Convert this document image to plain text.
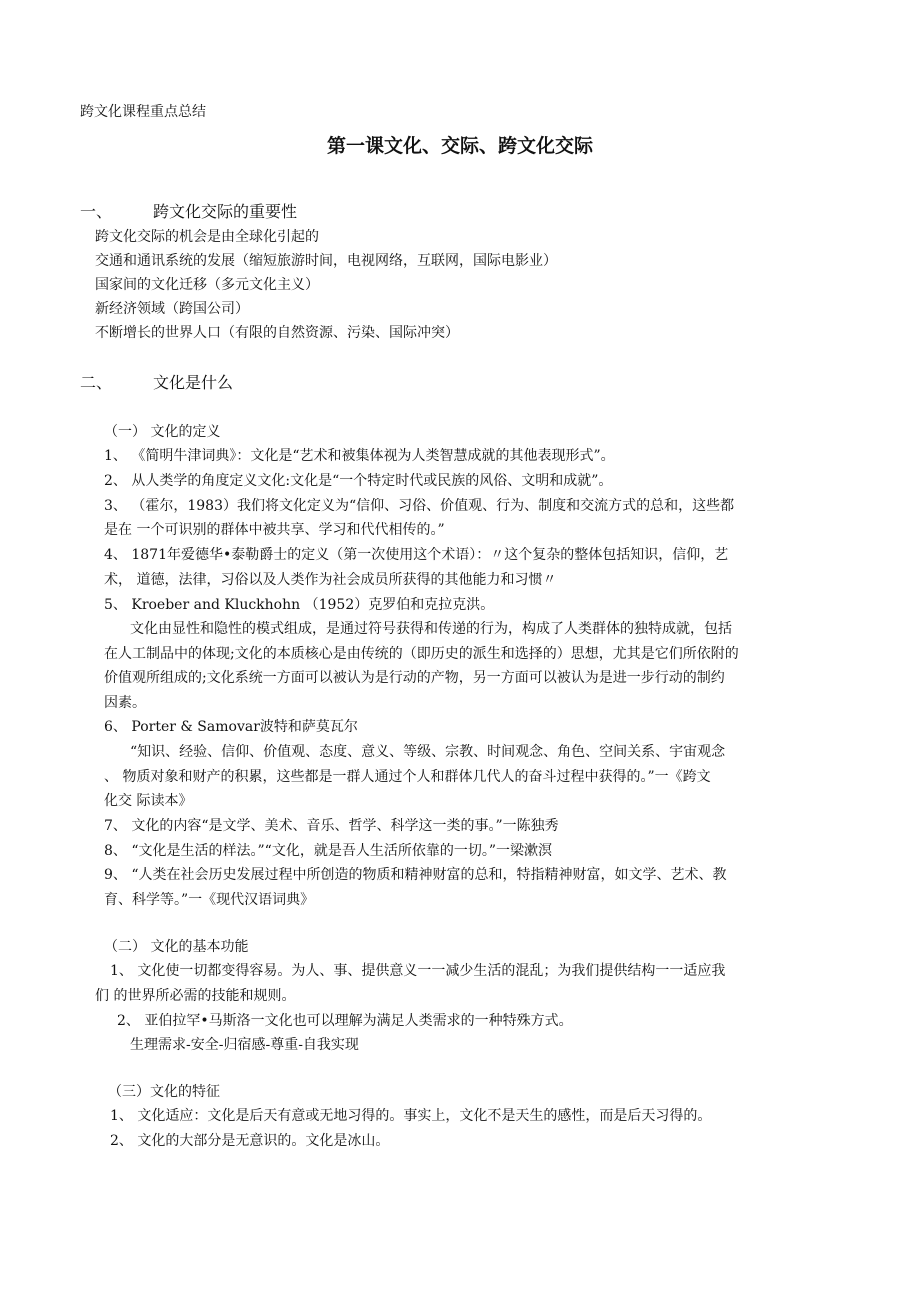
跨文化课程重点总结
第一课文化、交际、跨文化交际
一、	跨文化交际的重要性
跨文化交际的机会是由全球化引起的
交通和通讯系统的发展（缩短旅游时间，电视网络，互联网，国际电影业）
国家间的文化迁移（多元文化主义）
新经济领域（跨国公司）
不断增长的世界人口（有限的自然资源、污染、国际冲突）
二、	文化是什么
（一） 文化的定义
1、 《简明牛津词典》：文化是“艺术和被集体视为人类智慧成就的其他表现形式”。
2、 从人类学的角度定义文化:文化是“一个特定时代或民族的风俗、文明和成就”。
3、 （霍尔，1983）我们将文化定义为“信仰、习俗、价值观、行为、制度和交流方式的总和，这些都
是在 一个可识别的群体中被共享、学习和代代相传的。”
4、 1871年爱德华•泰勒爵士的定义（第一次使用这个术语）：〃这个复杂的整体包括知识，信仰，艺
术， 道德，法律，习俗以及人类作为社会成员所获得的其他能力和习惯〃
5、 Kroeber and Kluckhohn （1952）克罗伯和克拉克洪。
文化由显性和隐性的模式组成，是通过符号获得和传递的行为，构成了人类群体的独特成就，包括
在人工制品中的体现;文化的本质核心是由传统的（即历史的派生和选择的）思想，尤其是它们所依附的
价值观所组成的;文化系统一方面可以被认为是行动的产物，另一方面可以被认为是进一步行动的制约
因素。
6、 Porter & Samovar波特和萨莫瓦尔
“知识、经验、信仰、价值观、态度、意义、等级、宗教、时间观念、角色、空间关系、宇宙观念
、 物质对象和财产的积累，这些都是一群人通过个人和群体几代人的奋斗过程中获得的。”一《跨文
化交 际读本》
7、 文化的内容“是文学、美术、音乐、哲学、科学这一类的事。”一陈独秀
8、 “文化是生活的样法。”“文化，就是吾人生活所依靠的一切。”一梁漱溟
9、 “人类在社会历史发展过程中所创造的物质和精神财富的总和，特指精神财富，如文学、艺术、教
育、科学等。”一《现代汉语词典》
（二） 文化的基本功能
1、 文化使一切都变得容易。为人、事、提供意义一一减少生活的混乱；为我们提供结构一一适应我
们 的世界所必需的技能和规则。
2、 亚伯拉罕•马斯洛一文化也可以理解为满足人类需求的一种特殊方式。
生理需求-安全-归宿感-尊重-自我实现
（三）文化的特征
1、 文化适应：文化是后天有意或无地习得的。事实上，文化不是天生的感性，而是后天习得的。
2、 文化的大部分是无意识的。文化是冰山。
